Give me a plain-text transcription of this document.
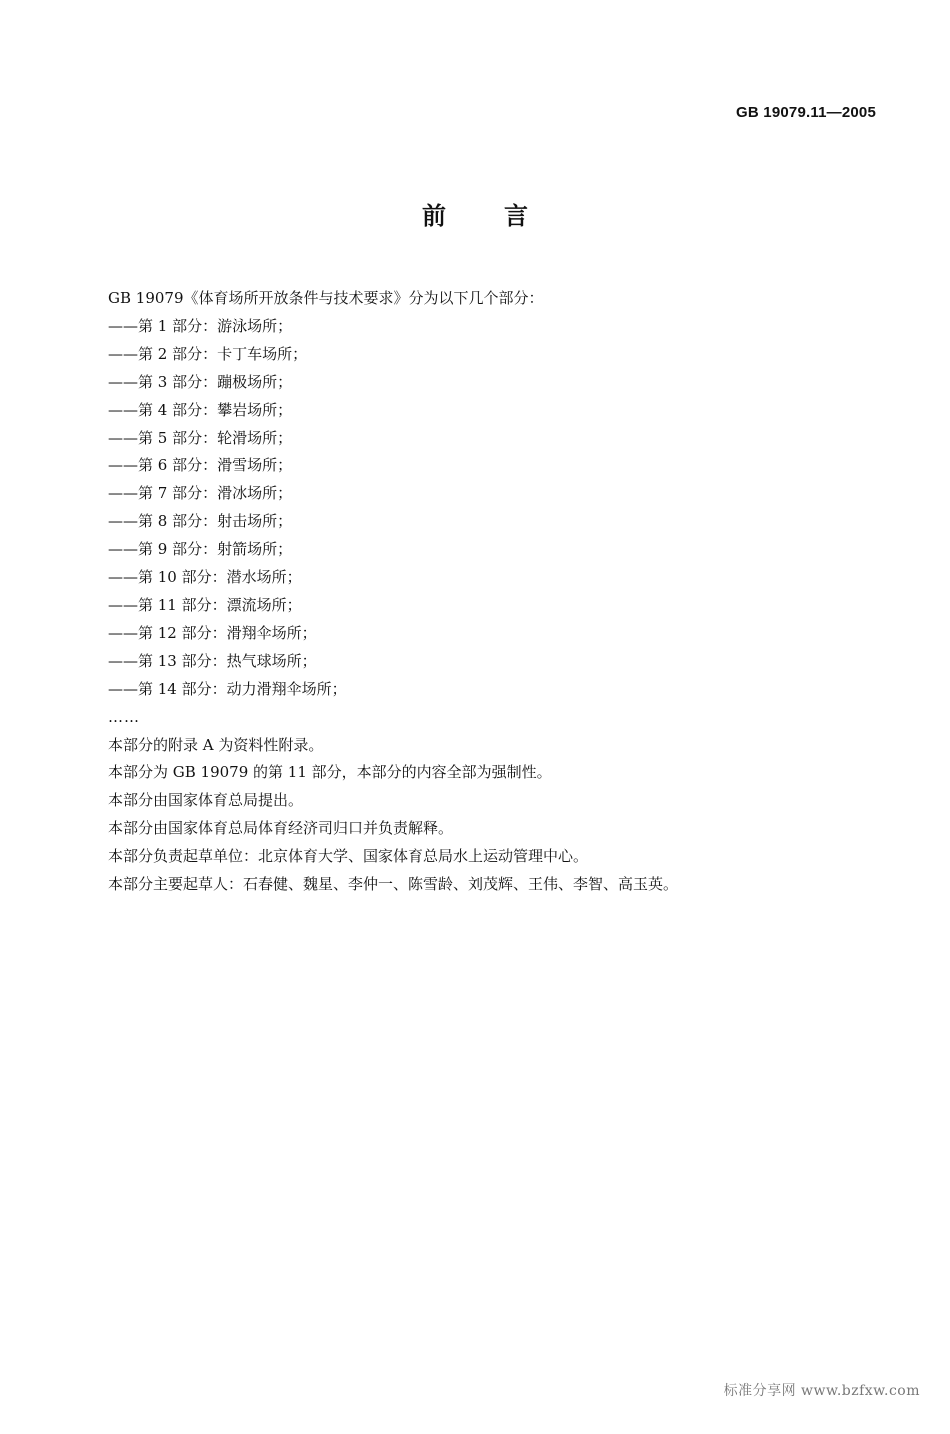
GB 19079.11—2005
前言
GB 19079《体育场所开放条件与技术要求》分为以下几个部分：
——第 1 部分：游泳场所；
——第 2 部分：卡丁车场所；
——第 3 部分：蹦极场所；
——第 4 部分：攀岩场所；
——第 5 部分：轮滑场所；
——第 6 部分：滑雪场所；
——第 7 部分：滑冰场所；
——第 8 部分：射击场所；
——第 9 部分：射箭场所；
——第 10 部分：潜水场所；
——第 11 部分：漂流场所；
——第 12 部分：滑翔伞场所；
——第 13 部分：热气球场所；
——第 14 部分：动力滑翔伞场所；
……
本部分的附录 A 为资料性附录。
本部分为 GB 19079 的第 11 部分，本部分的内容全部为强制性。
本部分由国家体育总局提出。
本部分由国家体育总局体育经济司归口并负责解释。
本部分负责起草单位：北京体育大学、国家体育总局水上运动管理中心。
本部分主要起草人：石春健、魏星、李仲一、陈雪龄、刘茂辉、王伟、李智、高玉英。
标准分享网 www.bzfxw.com
